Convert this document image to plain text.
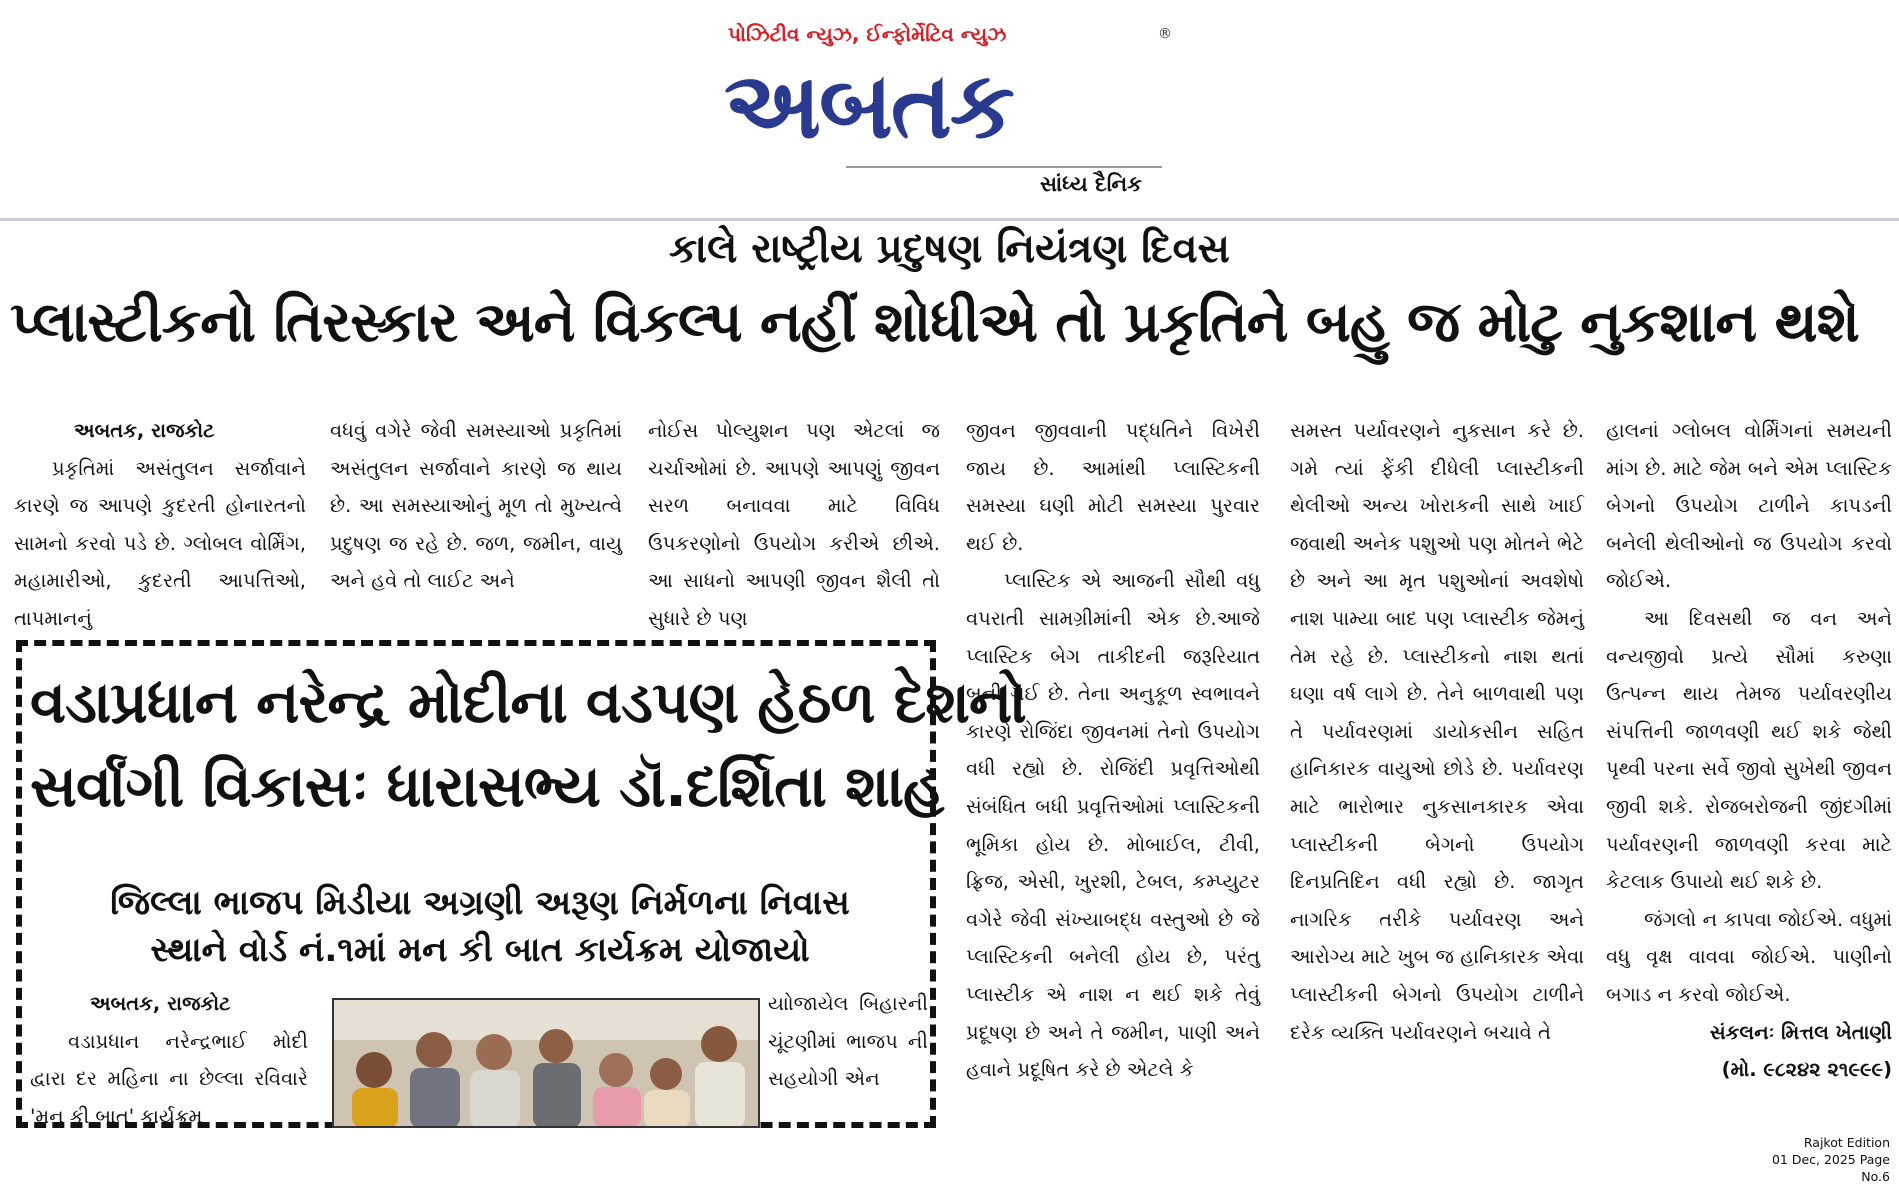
પોઝિટીવ ન્યુઝ, ઈન્ફોર્મેટિવ ન્યુઝ	®
અબતક
સાંધ્ય દૈનિક
કાલે રાષ્ટ્રીય પ્રદુષણ નિયંત્રણ દિવસ
પ્લાસ્ટીકનો તિરસ્કાર અને વિકલ્પ નહીં શોધીએ તો પ્રકૃતિને બહુ જ મોટુ નુકશાન થશે

અબતક, રાજકોટ

પ્રકૃતિમાં અસંતુલન સર્જાવાને કારણે જ આપણે કુદરતી હોનારતનો સામનો કરવો પડે છે. ગ્લોબલ વોર્મિંગ, મહામારીઓ, કુદરતી આપત્તિઓ, તાપમાનનું

વધવું વગેરે જેવી સમસ્યાઓ પ્રકૃતિમાં અસંતુલન સર્જાવાને કારણે જ થાય છે. આ સમસ્યાઓનું મૂળ તો મુખ્યત્વે પ્રદુષણ જ રહે છે. જળ, જમીન, વાયુ અને હવે તો લાઈટ અને

નોઈસ પોલ્યુશન પણ એટલાં જ ચર્ચાઓમાં છે. આપણે આપણું જીવન સરળ બનાવવા માટે વિવિધ ઉપકરણોનો ઉપયોગ કરીએ છીએ. આ સાધનો આપણી જીવન શૈલી તો સુધારે છે પણ

જીવન જીવવાની પદ્ધતિને વિખેરી જાય છે. આમાંથી પ્લાસ્ટિકની સમસ્યા ઘણી મોટી સમસ્યા પુરવાર થઈ છે.

પ્લાસ્ટિક એ આજની સૌથી વધુ વપરાતી સામગ્રીમાંની એક છે.આજે પ્લાસ્ટિક બેગ તાકીદની જરૂરિયાત બની ગઈ છે. તેના અનુકૂળ સ્વભાવને કારણે રોજિંદા જીવનમાં તેનો ઉપયોગ વધી રહ્યો છે. રોજિંદી પ્રવૃત્તિઓથી સંબંધિત બધી પ્રવૃત્તિઓમાં પ્લાસ્ટિકની ભૂમિકા હોય છે. મોબાઈલ, ટીવી, ફ્રિજ, એસી, ખુરશી, ટેબલ, કમ્પ્યુટર વગેરે જેવી સંખ્યાબદ્ધ વસ્તુઓ છે જે પ્લાસ્ટિકની બનેલી હોય છે, પરંતુ પ્લાસ્ટીક એ નાશ ન થઈ શકે તેવું પ્રદૂષણ છે અને તે જમીન, પાણી અને હવાને પ્રદૂષિત કરે છે એટલે કે

સમસ્ત પર્યાવરણને નુકસાન કરે છે. ગમે ત્યાં ફેંકી દીધેલી પ્લાસ્ટીકની થેલીઓ અન્ય ખોરાકની સાથે ખાઈ જવાથી અનેક પશુઓ પણ મોતને ભેટે છે અને આ મૃત પશુઓનાં અવશેષો નાશ પામ્યા બાદ પણ પ્લાસ્ટીક જેમનું તેમ રહે છે. પ્લાસ્ટીકનો નાશ થતાં ઘણા વર્ષ લાગે છે. તેને બાળવાથી પણ તે પર્યાવરણમાં ડાયોકસીન સહિત હાનિકારક વાયુઓ છોડે છે. પર્યાવરણ માટે ભારોભાર નુકસાનકારક એવા પ્લાસ્ટીકની બેગનો ઉપયોગ દિનપ્રતિદિન વધી રહ્યો છે. જાગૃત નાગરિક તરીકે પર્યાવરણ અને આરોગ્ય માટે ખુબ જ હાનિકારક એવા પ્લાસ્ટીકની બેગનો ઉપયોગ ટાળીને દરેક વ્યક્તિ પર્યાવરણને બચાવે તે

હાલનાં ગ્લોબલ વોર્મિંગનાં સમયની માંગ છે. માટે જેમ બને એમ પ્લાસ્ટિક બેગનો ઉપયોગ ટાળીને કાપડની બનેલી થેલીઓનો જ ઉપયોગ કરવો જોઈએ.

આ દિવસથી જ વન અને વન્યજીવો પ્રત્યે સૌમાં કરુણા ઉત્પન્ન થાય તેમજ પર્યાવરણીય સંપત્તિની જાળવણી થઈ શકે જેથી પૃથ્વી પરના સર્વે જીવો સુખેથી જીવન જીવી શકે. રોજબરોજની જીંદગીમાં પર્યાવરણની જાળવણી કરવા માટે કેટલાક ઉપાયો થઈ શકે છે.

જંગલો ન કાપવા જોઈએ. વધુમાં વધુ વૃક્ષ વાવવા જોઈએ. પાણીનો બગાડ ન કરવો જોઈએ.

સંકલનઃ મિત્તલ ખેતાણી

(મો. ૯૮૨૪૨ ૨૧૯૯૯)

વડાપ્રધાન નરેન્દ્ર મોદીના વડપણ હેઠળ દેશનો
સર્વાંગી વિકાસઃ ધારાસભ્ય ડૉ.દર્શિતા શાહ
જિલ્લા ભાજપ મિડીયા અગ્રણી અરૂણ નિર્મળના નિવાસ
સ્થાને વોર્ડ નં.૧માં મન કી બાત કાર્યક્રમ યોજાયો

અબતક, રાજકોટ

વડાપ્રધાન નરેન્દ્રભાઈ મોદી દ્વારા દર મહિના ના છેલ્લા રવિવારે 'મન કી બાત' કાર્યક્રમ

યાોજાયેલ બિહારની ચૂંટણીમાં ભાજપ ની સહયોગી એન
Rajkot Edition
01 Dec, 2025 Page No.6
